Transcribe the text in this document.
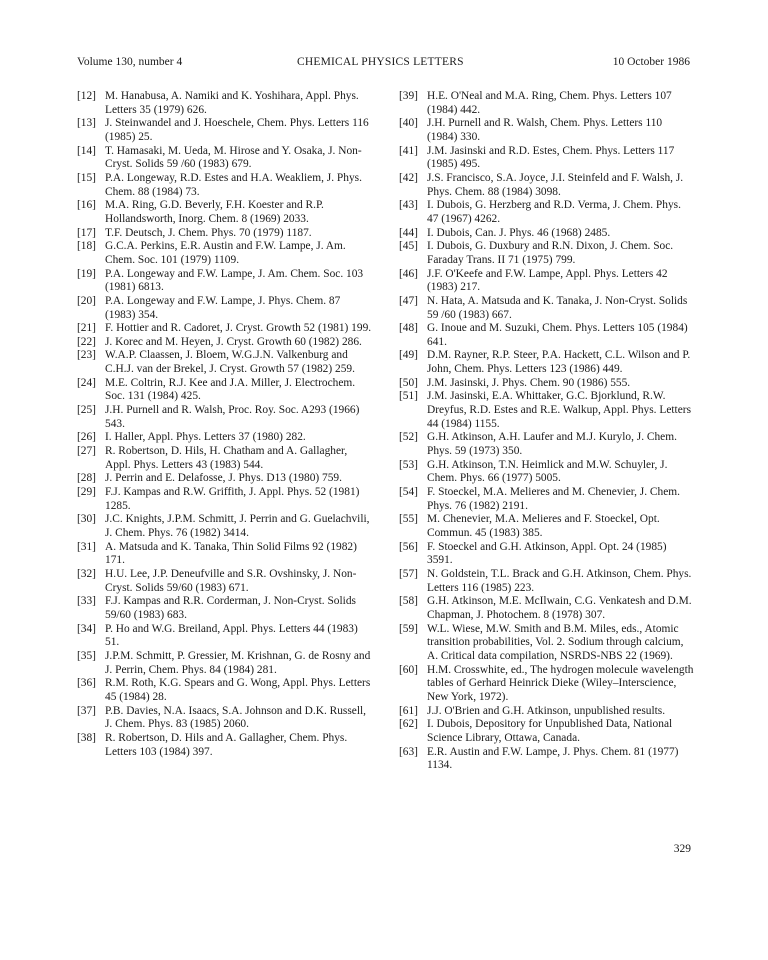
Volume 130, number 4	CHEMICAL PHYSICS LETTERS	10 October 1986
[12] M. Hanabusa, A. Namiki and K. Yoshihara, Appl. Phys. Letters 35 (1979) 626.
[13] J. Steinwandel and J. Hoeschele, Chem. Phys. Letters 116 (1985) 25.
[14] T. Hamasaki, M. Ueda, M. Hirose and Y. Osaka, J. Non-Cryst. Solids 59 /60 (1983) 679.
[15] P.A. Longeway, R.D. Estes and H.A. Weakliem, J. Phys. Chem. 88 (1984) 73.
[16] M.A. Ring, G.D. Beverly, F.H. Koester and R.P. Hollandsworth, Inorg. Chem. 8 (1969) 2033.
[17] T.F. Deutsch, J. Chem. Phys. 70 (1979) 1187.
[18] G.C.A. Perkins, E.R. Austin and F.W. Lampe, J. Am. Chem. Soc. 101 (1979) 1109.
[19] P.A. Longeway and F.W. Lampe, J. Am. Chem. Soc. 103 (1981) 6813.
[20] P.A. Longeway and F.W. Lampe, J. Phys. Chem. 87 (1983) 354.
[21] F. Hottier and R. Cadoret, J. Cryst. Growth 52 (1981) 199.
[22] J. Korec and M. Heyen, J. Cryst. Growth 60 (1982) 286.
[23] W.A.P. Claassen, J. Bloem, W.G.J.N. Valkenburg and C.H.J. van der Brekel, J. Cryst. Growth 57 (1982) 259.
[24] M.E. Coltrin, R.J. Kee and J.A. Miller, J. Electrochem. Soc. 131 (1984) 425.
[25] J.H. Purnell and R. Walsh, Proc. Roy. Soc. A293 (1966) 543.
[26] I. Haller, Appl. Phys. Letters 37 (1980) 282.
[27] R. Robertson, D. Hils, H. Chatham and A. Gallagher, Appl. Phys. Letters 43 (1983) 544.
[28] J. Perrin and E. Delafosse, J. Phys. D13 (1980) 759.
[29] F.J. Kampas and R.W. Griffith, J. Appl. Phys. 52 (1981) 1285.
[30] J.C. Knights, J.P.M. Schmitt, J. Perrin and G. Guelachvili, J. Chem. Phys. 76 (1982) 3414.
[31] A. Matsuda and K. Tanaka, Thin Solid Films 92 (1982) 171.
[32] H.U. Lee, J.P. Deneufville and S.R. Ovshinsky, J. Non-Cryst. Solids 59/60 (1983) 671.
[33] F.J. Kampas and R.R. Corderman, J. Non-Cryst. Solids 59/60 (1983) 683.
[34] P. Ho and W.G. Breiland, Appl. Phys. Letters 44 (1983) 51.
[35] J.P.M. Schmitt, P. Gressier, M. Krishnan, G. de Rosny and J. Perrin, Chem. Phys. 84 (1984) 281.
[36] R.M. Roth, K.G. Spears and G. Wong, Appl. Phys. Letters 45 (1984) 28.
[37] P.B. Davies, N.A. Isaacs, S.A. Johnson and D.K. Russell, J. Chem. Phys. 83 (1985) 2060.
[38] R. Robertson, D. Hils and A. Gallagher, Chem. Phys. Letters 103 (1984) 397.
[39] H.E. O'Neal and M.A. Ring, Chem. Phys. Letters 107 (1984) 442.
[40] J.H. Purnell and R. Walsh, Chem. Phys. Letters 110 (1984) 330.
[41] J.M. Jasinski and R.D. Estes, Chem. Phys. Letters 117 (1985) 495.
[42] J.S. Francisco, S.A. Joyce, J.I. Steinfeld and F. Walsh, J. Phys. Chem. 88 (1984) 3098.
[43] I. Dubois, G. Herzberg and R.D. Verma, J. Chem. Phys. 47 (1967) 4262.
[44] I. Dubois, Can. J. Phys. 46 (1968) 2485.
[45] I. Dubois, G. Duxbury and R.N. Dixon, J. Chem. Soc. Faraday Trans. II 71 (1975) 799.
[46] J.F. O'Keefe and F.W. Lampe, Appl. Phys. Letters 42 (1983) 217.
[47] N. Hata, A. Matsuda and K. Tanaka, J. Non-Cryst. Solids 59 /60 (1983) 667.
[48] G. Inoue and M. Suzuki, Chem. Phys. Letters 105 (1984) 641.
[49] D.M. Rayner, R.P. Steer, P.A. Hackett, C.L. Wilson and P. John, Chem. Phys. Letters 123 (1986) 449.
[50] J.M. Jasinski, J. Phys. Chem. 90 (1986) 555.
[51] J.M. Jasinski, E.A. Whittaker, G.C. Bjorklund, R.W. Dreyfus, R.D. Estes and R.E. Walkup, Appl. Phys. Letters 44 (1984) 1155.
[52] G.H. Atkinson, A.H. Laufer and M.J. Kurylo, J. Chem. Phys. 59 (1973) 350.
[53] G.H. Atkinson, T.N. Heimlick and M.W. Schuyler, J. Chem. Phys. 66 (1977) 5005.
[54] F. Stoeckel, M.A. Melieres and M. Chenevier, J. Chem. Phys. 76 (1982) 2191.
[55] M. Chenevier, M.A. Melieres and F. Stoeckel, Opt. Commun. 45 (1983) 385.
[56] F. Stoeckel and G.H. Atkinson, Appl. Opt. 24 (1985) 3591.
[57] N. Goldstein, T.L. Brack and G.H. Atkinson, Chem. Phys. Letters 116 (1985) 223.
[58] G.H. Atkinson, M.E. McIlwain, C.G. Venkatesh and D.M. Chapman, J. Photochem. 8 (1978) 307.
[59] W.L. Wiese, M.W. Smith and B.M. Miles, eds., Atomic transition probabilities, Vol. 2. Sodium through calcium, A. Critical data compilation, NSRDS-NBS 22 (1969).
[60] H.M. Crosswhite, ed., The hydrogen molecule wavelength tables of Gerhard Heinrick Dieke (Wiley–Interscience, New York, 1972).
[61] J.J. O'Brien and G.H. Atkinson, unpublished results.
[62] I. Dubois, Depository for Unpublished Data, National Science Library, Ottawa, Canada.
[63] E.R. Austin and F.W. Lampe, J. Phys. Chem. 81 (1977) 1134.
329
